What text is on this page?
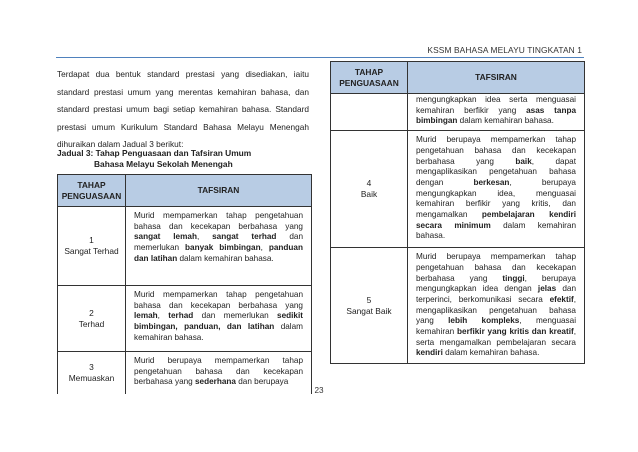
KSSM BAHASA MELAYU TINGKATAN 1

Terdapat dua bentuk standard prestasi yang disediakan, iaitu standard prestasi umum yang merentas kemahiran bahasa, dan standard prestasi umum bagi setiap kemahiran bahasa. Standard prestasi umum Kurikulum Standard Bahasa Melayu Menengah dihuraikan dalam Jadual 3 berikut:

Jadual 3: Tahap Penguasaan dan Tafsiran Umum
Bahasa Melayu Sekolah Menengah
TAHAP PENGUASAAN	TAFSIRAN

1
Sangat Terhad	Murid mempamerkan tahap pengetahuan bahasa dan kecekapan berbahasa yang sangat lemah, sangat terhad dan memerlukan banyak bimbingan, panduan dan latihan dalam kemahiran bahasa.

2
Terhad	Murid mempamerkan tahap pengetahuan bahasa dan kecekapan berbahasa yang lemah, terhad dan memerlukan sedikit bimbingan, panduan, dan latihan dalam kemahiran bahasa.

3
Memuaskan	Murid berupaya mempamerkan tahap pengetahuan bahasa dan kecekapan berbahasa yang sederhana dan berupaya
TAHAP PENGUASAAN	TAFSIRAN
	mengungkapkan idea serta menguasai kemahiran berfikir yang asas tanpa bimbingan dalam kemahiran bahasa.

4
Baik	Murid berupaya mempamerkan tahap pengetahuan bahasa dan kecekapan berbahasa yang baik, dapat mengaplikasikan pengetahuan bahasa dengan berkesan, berupaya mengungkapkan idea, menguasai kemahiran berfikir yang kritis, dan mengamalkan pembelajaran kendiri secara minimum dalam kemahiran bahasa.

5
Sangat Baik	Murid berupaya mempamerkan tahap pengetahuan bahasa dan kecekapan berbahasa yang tinggi, berupaya mengungkapkan idea dengan jelas dan terperinci, berkomunikasi secara efektif, mengaplikasikan pengetahuan bahasa yang lebih kompleks, menguasai kemahiran berfikir yang kritis dan kreatif, serta mengamalkan pembelajaran secara kendiri dalam kemahiran bahasa.
23
